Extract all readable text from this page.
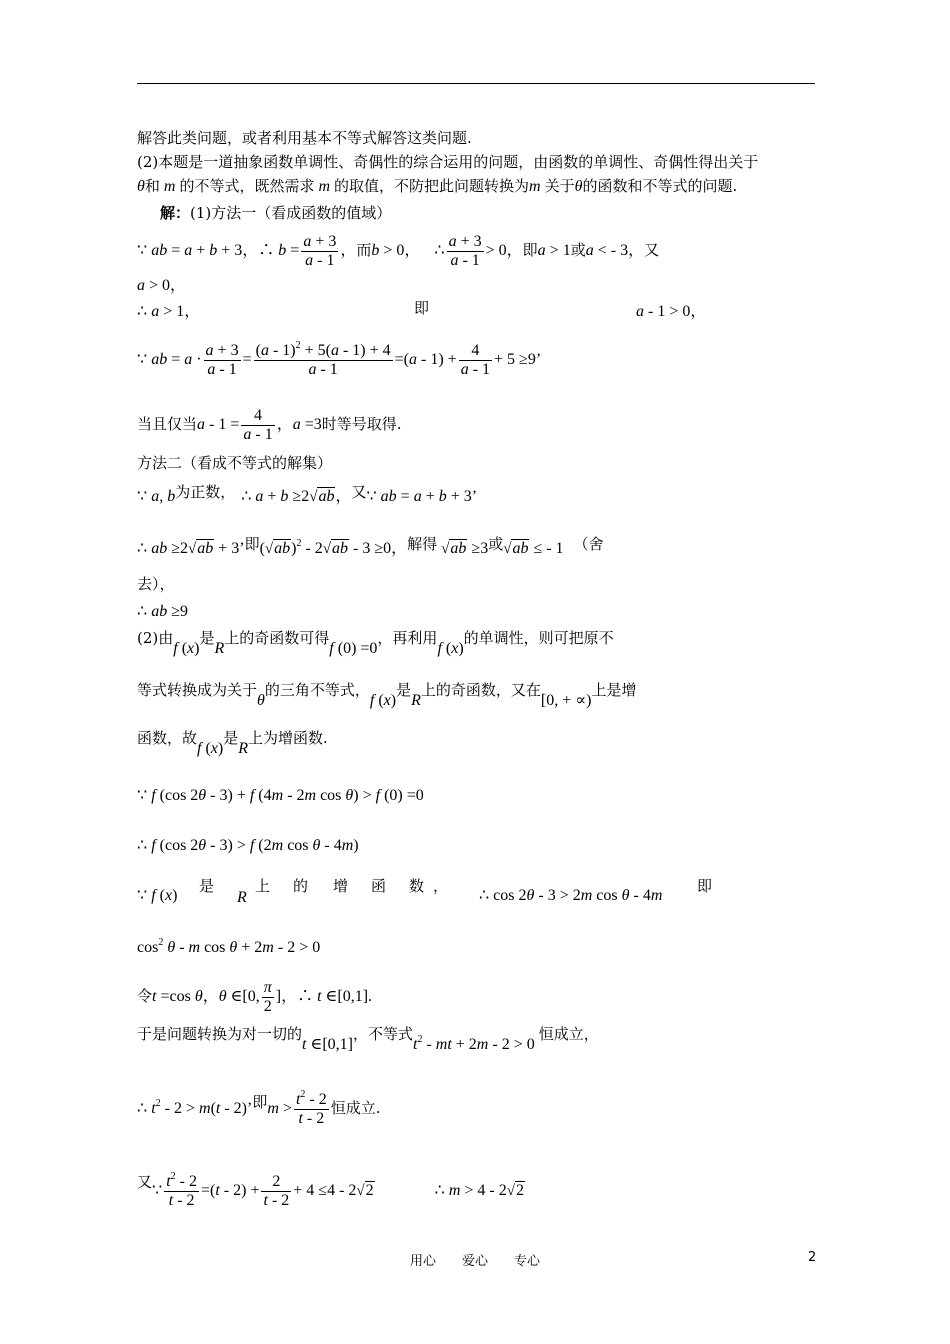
解答此类问题，或者利用基本不等式解答这类问题.
(2)本题是一道抽象函数单调性、奇偶性的综合运用的问题，由函数的单调性、奇偶性得出关于
θ和 m 的不等式，既然需求 m 的取值，不防把此问题转换为m 关于θ的函数和不等式的问题.
解：(1)方法一（看成函数的值域）
∵ ab = a + b + 3，∴ $b = \frac{a + 3}{a - 1}$ ，而b > 0， ∴ $\frac{a + 3}{a - 1} > 0$，即a > 1或a < - 3，又
a > 0，
∴ a > 1，	即	a - 1 > 0，
∵ ab = $a \cdot \frac{a + 3}{a - 1} = \frac{(a - 1)^2 + 5(a - 1) + 4}{a - 1} =(a - 1) + \frac{4}{a - 1} + 5 \ge 9$’
当且仅当$a - 1 = \frac{4}{a - 1}$ ，a =3时等号取得.
方法二（看成不等式的解集）
∵ a, b为正数， ∴ a + b ≥2√ab，又∵ ab = a + b + 3’
∴ ab ≥2√ab + 3’即$(√ab)^2 - 2√ab - 3 \ge 0$，解得 √ab ≥3或√ab ≤ - 1 （舍
去），
∴ ab ≥9
(2)由f (x)是R上的奇函数可得f (0) =0，再利用f (x)的单调性，则可把原不
等式转换成为关于θ的三角不等式，f (x)是R上的奇函数，又在[0, + ∝)上是增
函数，故f (x)是R上为增函数.
∵ f (cos 2θ - 3) + f (4m - 2m cos θ) > f (0) =0
∴ f (cos 2θ - 3) > f (2m cos θ - 4m)
∵ f (x)
是
R
上 的 增 函 数 ，
∴ cos 2θ - 3 > 2m cos θ - 4m
即
$\cos^2 \theta$ - m cos θ + 2m - 2 > 0
令t =cos θ，θ ∈[0, $\frac{\pi}{2}$ ]，∴ t ∈[0,1].
于是问题转换为对一切的t ∈[0,1]，不等式$t^2$ - mt + 2m - 2 > 0恒成立，
∴ $t^2 - 2 > m(t - 2)$’即$m > \frac{t^2 - 2}{t - 2}$ 恒成立.
又∵ $\frac{t^2 - 2}{t - 2} =(t - 2) + \frac{2}{t - 2} + 4 \le 4 - 2√2$	∴ m > 4 - 2√2
用心　　爱心　　专心	2
